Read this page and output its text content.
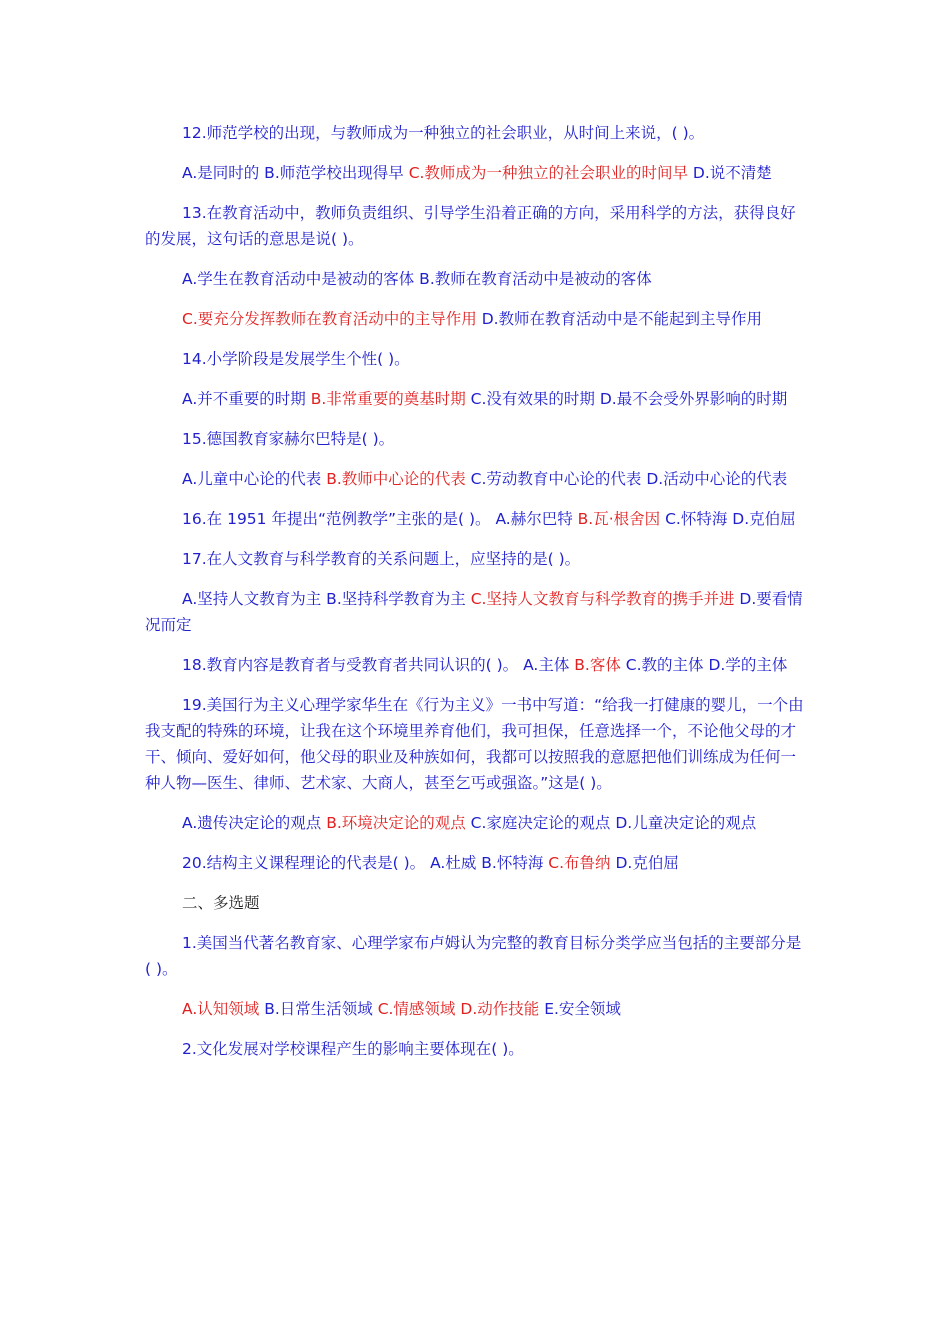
12.师范学校的出现，与教师成为一种独立的社会职业，从时间上来说，( )。

A.是同时的 B.师范学校出现得早 C.教师成为一种独立的社会职业的时间早 D.说不清楚

13.在教育活动中，教师负责组织、引导学生沿着正确的方向，采用科学的方法，获得良好的发展，这句话的意思是说( )。

A.学生在教育活动中是被动的客体 B.教师在教育活动中是被动的客体

C.要充分发挥教师在教育活动中的主导作用 D.教师在教育活动中是不能起到主导作用

14.小学阶段是发展学生个性( )。

A.并不重要的时期 B.非常重要的奠基时期 C.没有效果的时期 D.最不会受外界影响的时期

15.德国教育家赫尔巴特是( )。

A.儿童中心论的代表 B.教师中心论的代表 C.劳动教育中心论的代表 D.活动中心论的代表

16.在 1951 年提出“范例教学”主张的是( )。 A.赫尔巴特 B.瓦·根舍因 C.怀特海 D.克伯屈

17.在人文教育与科学教育的关系问题上，应坚持的是( )。

A.坚持人文教育为主 B.坚持科学教育为主 C.坚持人文教育与科学教育的携手并进 D.要看情况而定

18.教育内容是教育者与受教育者共同认识的( )。 A.主体 B.客体 C.教的主体 D.学的主体

19.美国行为主义心理学家华生在《行为主义》一书中写道：“给我一打健康的婴儿，一个由我支配的特殊的环境，让我在这个环境里养育他们，我可担保，任意选择一个，不论他父母的才干、倾向、爱好如何，他父母的职业及种族如何，我都可以按照我的意愿把他们训练成为任何一种人物—医生、律师、艺术家、大商人，甚至乞丐或强盗。”这是( )。

A.遗传决定论的观点 B.环境决定论的观点 C.家庭决定论的观点 D.儿童决定论的观点

20.结构主义课程理论的代表是( )。 A.杜威 B.怀特海 C.布鲁纳 D.克伯屈

二、多选题

1.美国当代著名教育家、心理学家布卢姆认为完整的教育目标分类学应当包括的主要部分是( )。

A.认知领域 B.日常生活领域 C.情感领域 D.动作技能 E.安全领域

2.文化发展对学校课程产生的影响主要体现在( )。
